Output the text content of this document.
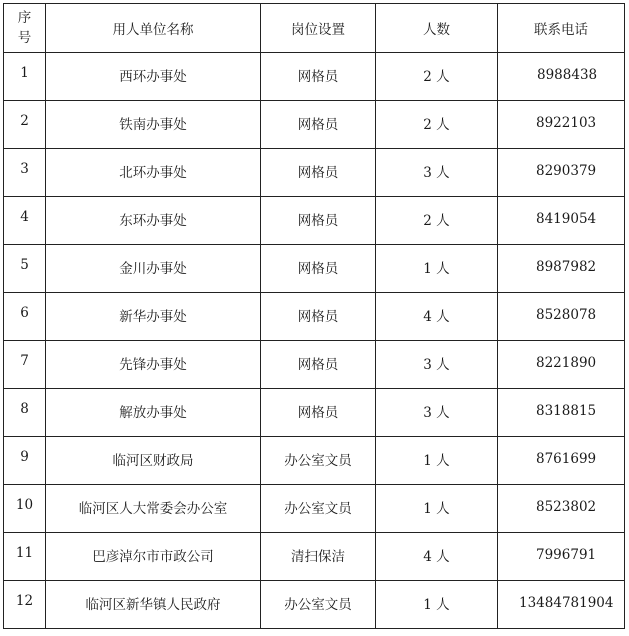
序
号	用人单位名称	岗位设置	人数	联系电话

1	西环办事处	网格员	2 人	8988438

2	铁南办事处	网格员	2 人	8922103

3	北环办事处	网格员	3 人	8290379

4	东环办事处	网格员	2 人	8419054

5	金川办事处	网格员	1 人	8987982

6	新华办事处	网格员	4 人	8528078

7	先锋办事处	网格员	3 人	8221890

8	解放办事处	网格员	3 人	8318815

9	临河区财政局	办公室文员	1 人	8761699

10	临河区人大常委会办公室	办公室文员	1 人	8523802

11	巴彦淖尔市市政公司	清扫保洁	4 人	7996791

12	临河区新华镇人民政府	办公室文员	1 人	13484781904
